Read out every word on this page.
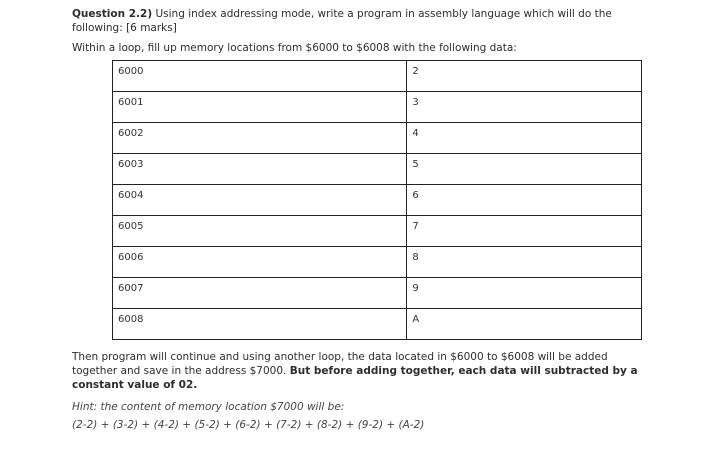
Question 2.2) Using index addressing mode, write a program in assembly language which will do the

following: [6 marks]

Within a loop, fill up memory locations from $6000 to $6008 with the following data:

6000	2
6001	3
6002	4
6003	5
6004	6
6005	7
6006	8
6007	9
6008	A

Then program will continue and using another loop, the data located in $6000 to $6008 will be added together and save in the address $7000. But before adding together, each data will subtracted by a constant value of 02.

Hint: the content of memory location $7000 will be:

(2-2) + (3-2) + (4-2) + (5-2) + (6-2) + (7-2) + (8-2) + (9-2) + (A-2)
